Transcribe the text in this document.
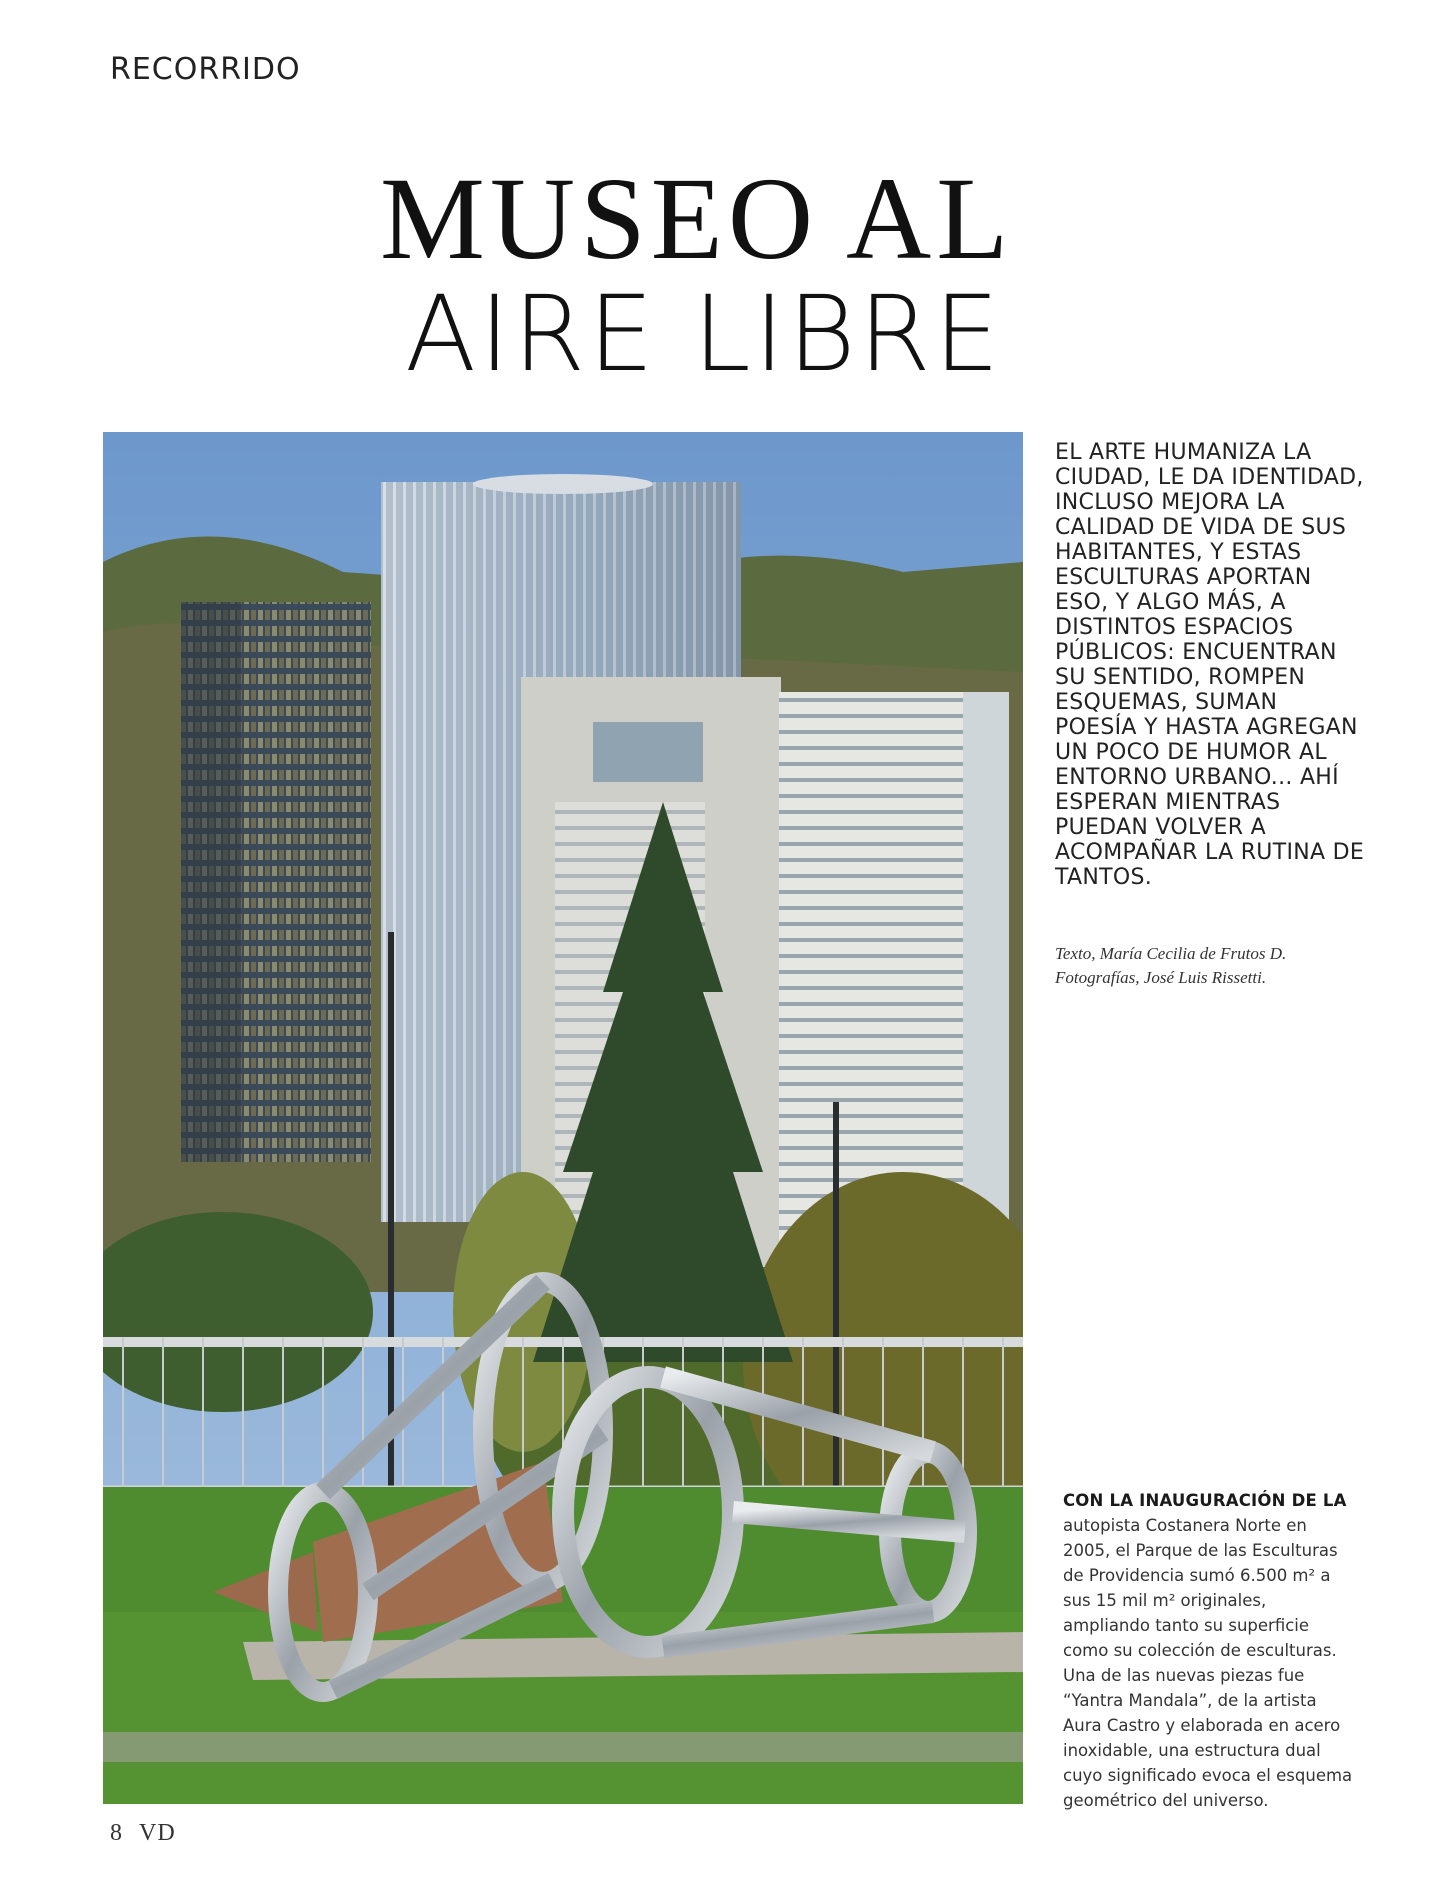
RECORRIDO
MUSEO AL
AIRE LIBRE
EL ARTE HUMANIZA LA CIUDAD, LE DA IDENTIDAD, INCLUSO MEJORA LA CALIDAD DE VIDA DE SUS HABITANTES, Y ESTAS ESCULTURAS APORTAN ESO, Y ALGO MÁS, A DISTINTOS ESPACIOS PÚBLICOS: ENCUENTRAN SU SENTIDO, ROMPEN ESQUEMAS, SUMAN POESÍA Y HASTA AGREGAN UN POCO DE HUMOR AL ENTORNO URBANO... AHÍ ESPERAN MIENTRAS PUEDAN VOLVER A ACOMPAÑAR LA RUTINA DE TANTOS.
Texto, María Cecilia de Frutos D.
Fotografías, José Luis Rissetti.
CON LA INAUGURACIÓN DE LA autopista Costanera Norte en 2005, el Parque de las Esculturas de Providencia sumó 6.500 m² a sus 15 mil m² originales, ampliando tanto su superficie como su colección de esculturas. Una de las nuevas piezas fue “Yantra Mandala”, de la artista Aura Castro y elaborada en acero inoxidable, una estructura dual cuyo significado evoca el esquema geométrico del universo.
8 VD
